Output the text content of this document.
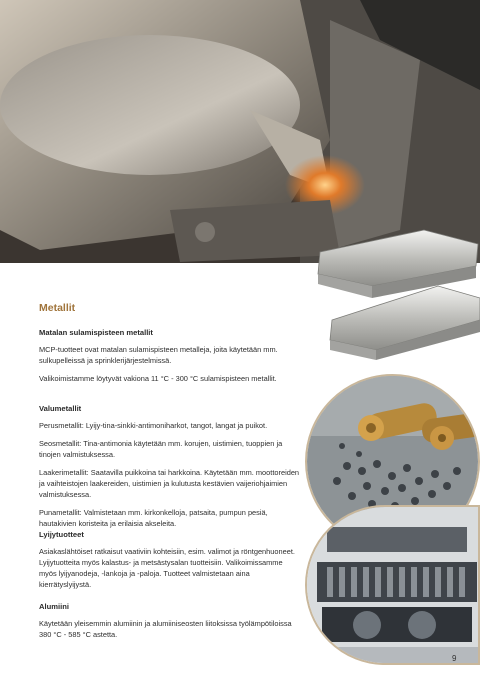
Metallit

Matalan sulamispisteen metallit

MCP-tuotteet ovat matalan sulamispisteen metalleja, joita käytetään mm. sulkupelleissä ja sprinklerijärjestelmissä.

Valikoimistamme löytyvät vakiona 11 °C - 300 °C sulamispisteen metallit.

Valumetallit

Perusmetallit: Lyijy-tina-sinkki-antimoniharkot, tangot, langat ja puikot.

Seosmetallit: Tina-antimonia käytetään mm. korujen, uistimien, tuoppien ja tinojen valmistuksessa.

Laakerimetallit: Saatavilla puikkoina tai harkkoina. Käytetään mm. moottoreiden ja vaihteistojen laakereiden, uistimien ja kulutusta kestävien vaijeriohjaimien valmistuksessa.

Punametallit: Valmistetaan mm. kirkonkelloja, patsaita, pumpun pesiä, hautakivien koristeita ja erilaisia akseleita.

Lyijytuotteet

Asiakaslähtöiset ratkaisut vaativiin kohteisiin, esim. valimot ja röntgenhuoneet. Lyijytuotteita myös kalastus- ja metsästysalan tuotteisiin. Valikoimissamme myös lyijyanodeja, -lankoja ja -paloja. Tuotteet valmistetaan aina kierrätyslyijystä.

Alumiini

Käytetään yleisemmin alumiinin ja alumiiniseosten liitoksissa työlämpötiloissa 380 °C - 585 °C astetta.

9
